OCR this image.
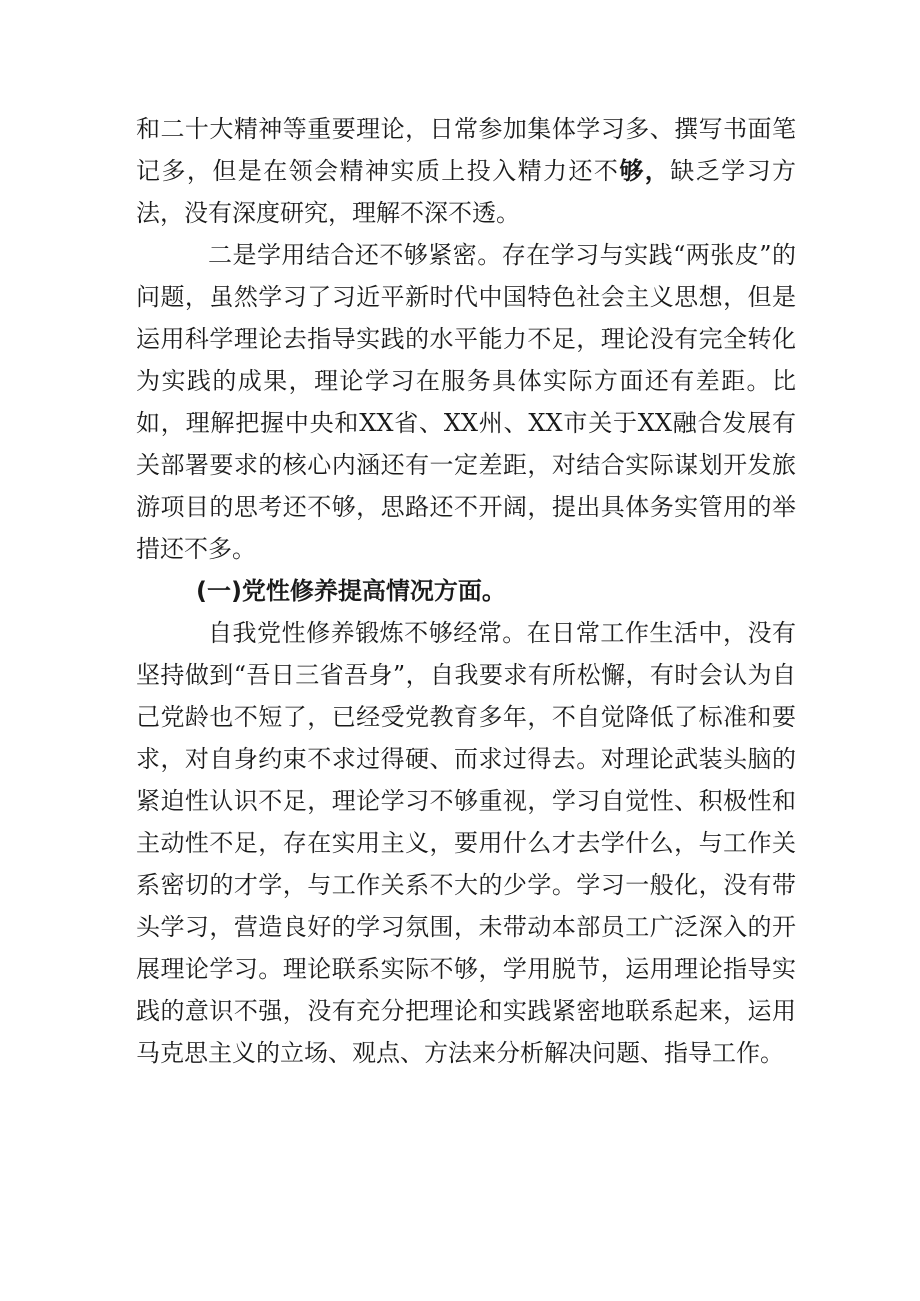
和二十大精神等重要理论，日常参加集体学习多、撰写书面笔记多，但是在领会精神实质上投入精力还不够，缺乏学习方法，没有深度研究，理解不深不透。

二是学用结合还不够紧密。存在学习与实践“两张皮”的问题，虽然学习了习近平新时代中国特色社会主义思想，但是运用科学理论去指导实践的水平能力不足，理论没有完全转化为实践的成果，理论学习在服务具体实际方面还有差距。比如，理解把握中央和XX省、XX州、XX市关于XX融合发展有关部署要求的核心内涵还有一定差距，对结合实际谋划开发旅游项目的思考还不够，思路还不开阔，提出具体务实管用的举措还不多。

(一)党性修养提高情况方面。

自我党性修养锻炼不够经常。在日常工作生活中，没有坚持做到“吾日三省吾身”，自我要求有所松懈，有时会认为自己党龄也不短了，已经受党教育多年，不自觉降低了标准和要求，对自身约束不求过得硬、而求过得去。对理论武装头脑的紧迫性认识不足，理论学习不够重视，学习自觉性、积极性和主动性不足，存在实用主义，要用什么才去学什么，与工作关系密切的才学，与工作关系不大的少学。学习一般化，没有带头学习，营造良好的学习氛围，未带动本部员工广泛深入的开展理论学习。理论联系实际不够，学用脱节，运用理论指导实践的意识不强，没有充分把理论和实践紧密地联系起来，运用马克思主义的立场、观点、方法来分析解决问题、指导工作。
